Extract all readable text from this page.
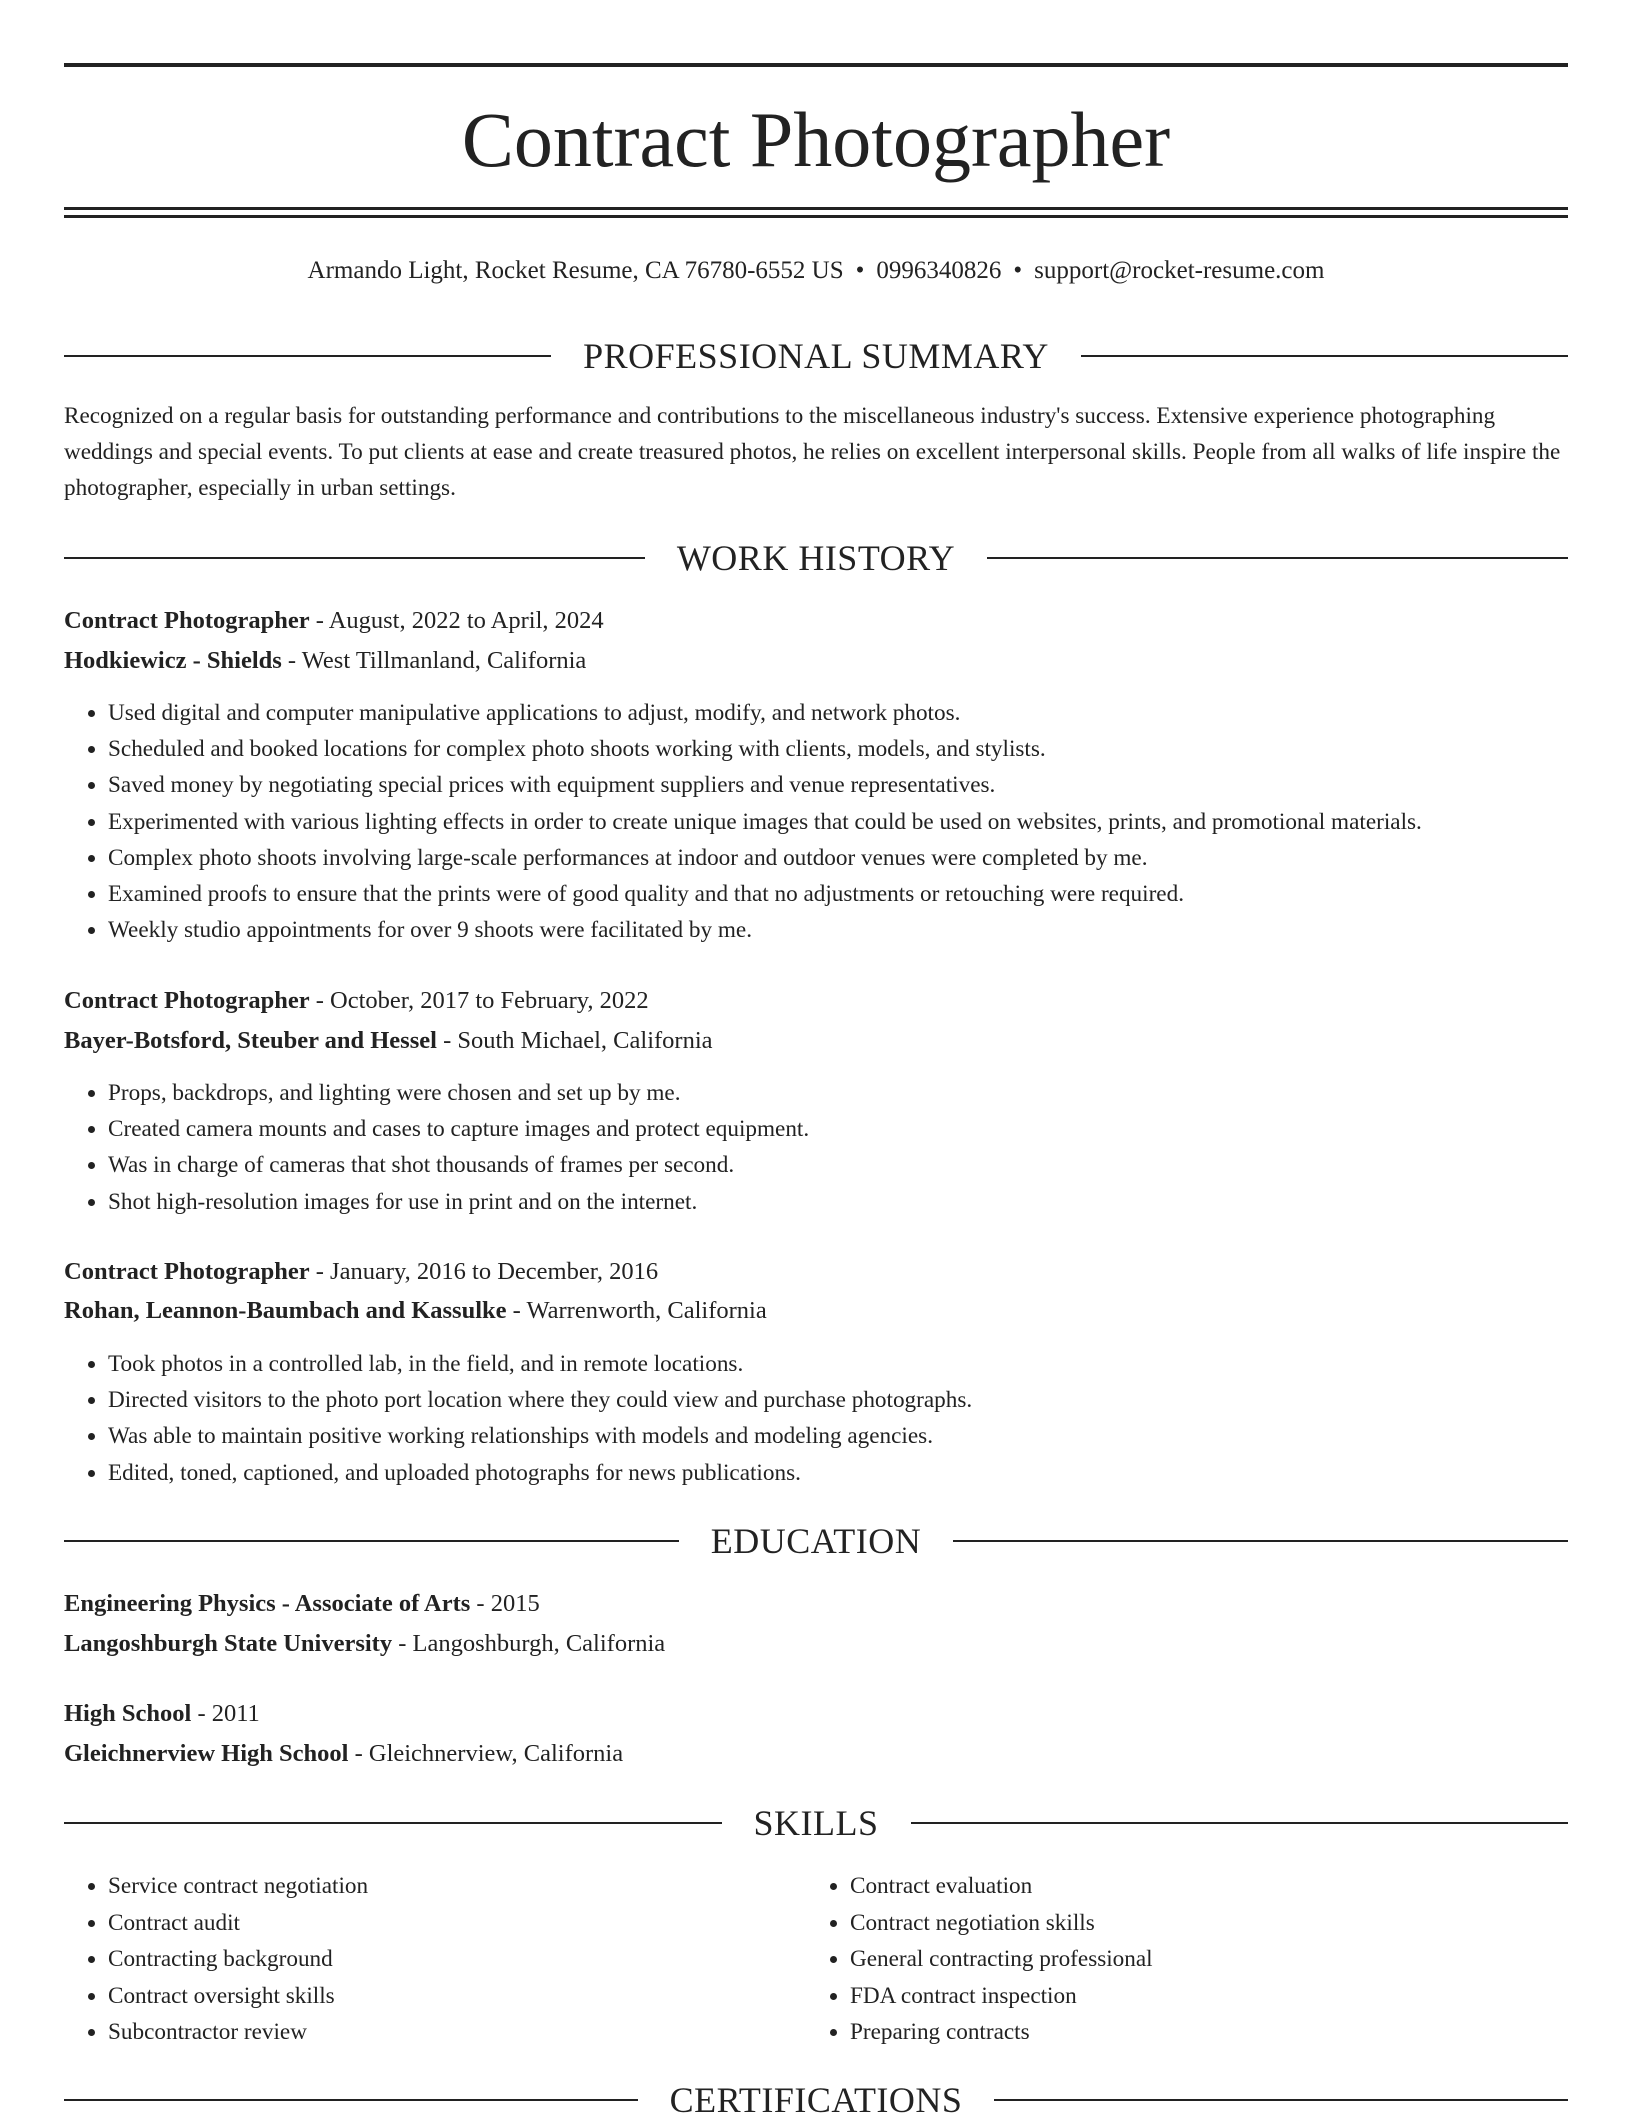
Contract Photographer
Armando Light, Rocket Resume, CA 76780-6552 US • 0996340826 • support@rocket-resume.com
PROFESSIONAL SUMMARY
Recognized on a regular basis for outstanding performance and contributions to the miscellaneous industry's success. Extensive experience photographing weddings and special events. To put clients at ease and create treasured photos, he relies on excellent interpersonal skills. People from all walks of life inspire the photographer, especially in urban settings.
WORK HISTORY
Contract Photographer - August, 2022 to April, 2024
Hodkiewicz - Shields - West Tillmanland, California
• Used digital and computer manipulative applications to adjust, modify, and network photos.
• Scheduled and booked locations for complex photo shoots working with clients, models, and stylists.
• Saved money by negotiating special prices with equipment suppliers and venue representatives.
• Experimented with various lighting effects in order to create unique images that could be used on websites, prints, and promotional materials.
• Complex photo shoots involving large-scale performances at indoor and outdoor venues were completed by me.
• Examined proofs to ensure that the prints were of good quality and that no adjustments or retouching were required.
• Weekly studio appointments for over 9 shoots were facilitated by me.
Contract Photographer - October, 2017 to February, 2022
Bayer-Botsford, Steuber and Hessel - South Michael, California
• Props, backdrops, and lighting were chosen and set up by me.
• Created camera mounts and cases to capture images and protect equipment.
• Was in charge of cameras that shot thousands of frames per second.
• Shot high-resolution images for use in print and on the internet.
Contract Photographer - January, 2016 to December, 2016
Rohan, Leannon-Baumbach and Kassulke - Warrenworth, California
• Took photos in a controlled lab, in the field, and in remote locations.
• Directed visitors to the photo port location where they could view and purchase photographs.
• Was able to maintain positive working relationships with models and modeling agencies.
• Edited, toned, captioned, and uploaded photographs for news publications.
EDUCATION
Engineering Physics - Associate of Arts - 2015
Langoshburgh State University - Langoshburgh, California
High School - 2011
Gleichnerview High School - Gleichnerview, California
SKILLS
• Service contract negotiation
• Contract audit
• Contracting background
• Contract oversight skills
• Subcontractor review
• Contract evaluation
• Contract negotiation skills
• General contracting professional
• FDA contract inspection
• Preparing contracts
CERTIFICATIONS
